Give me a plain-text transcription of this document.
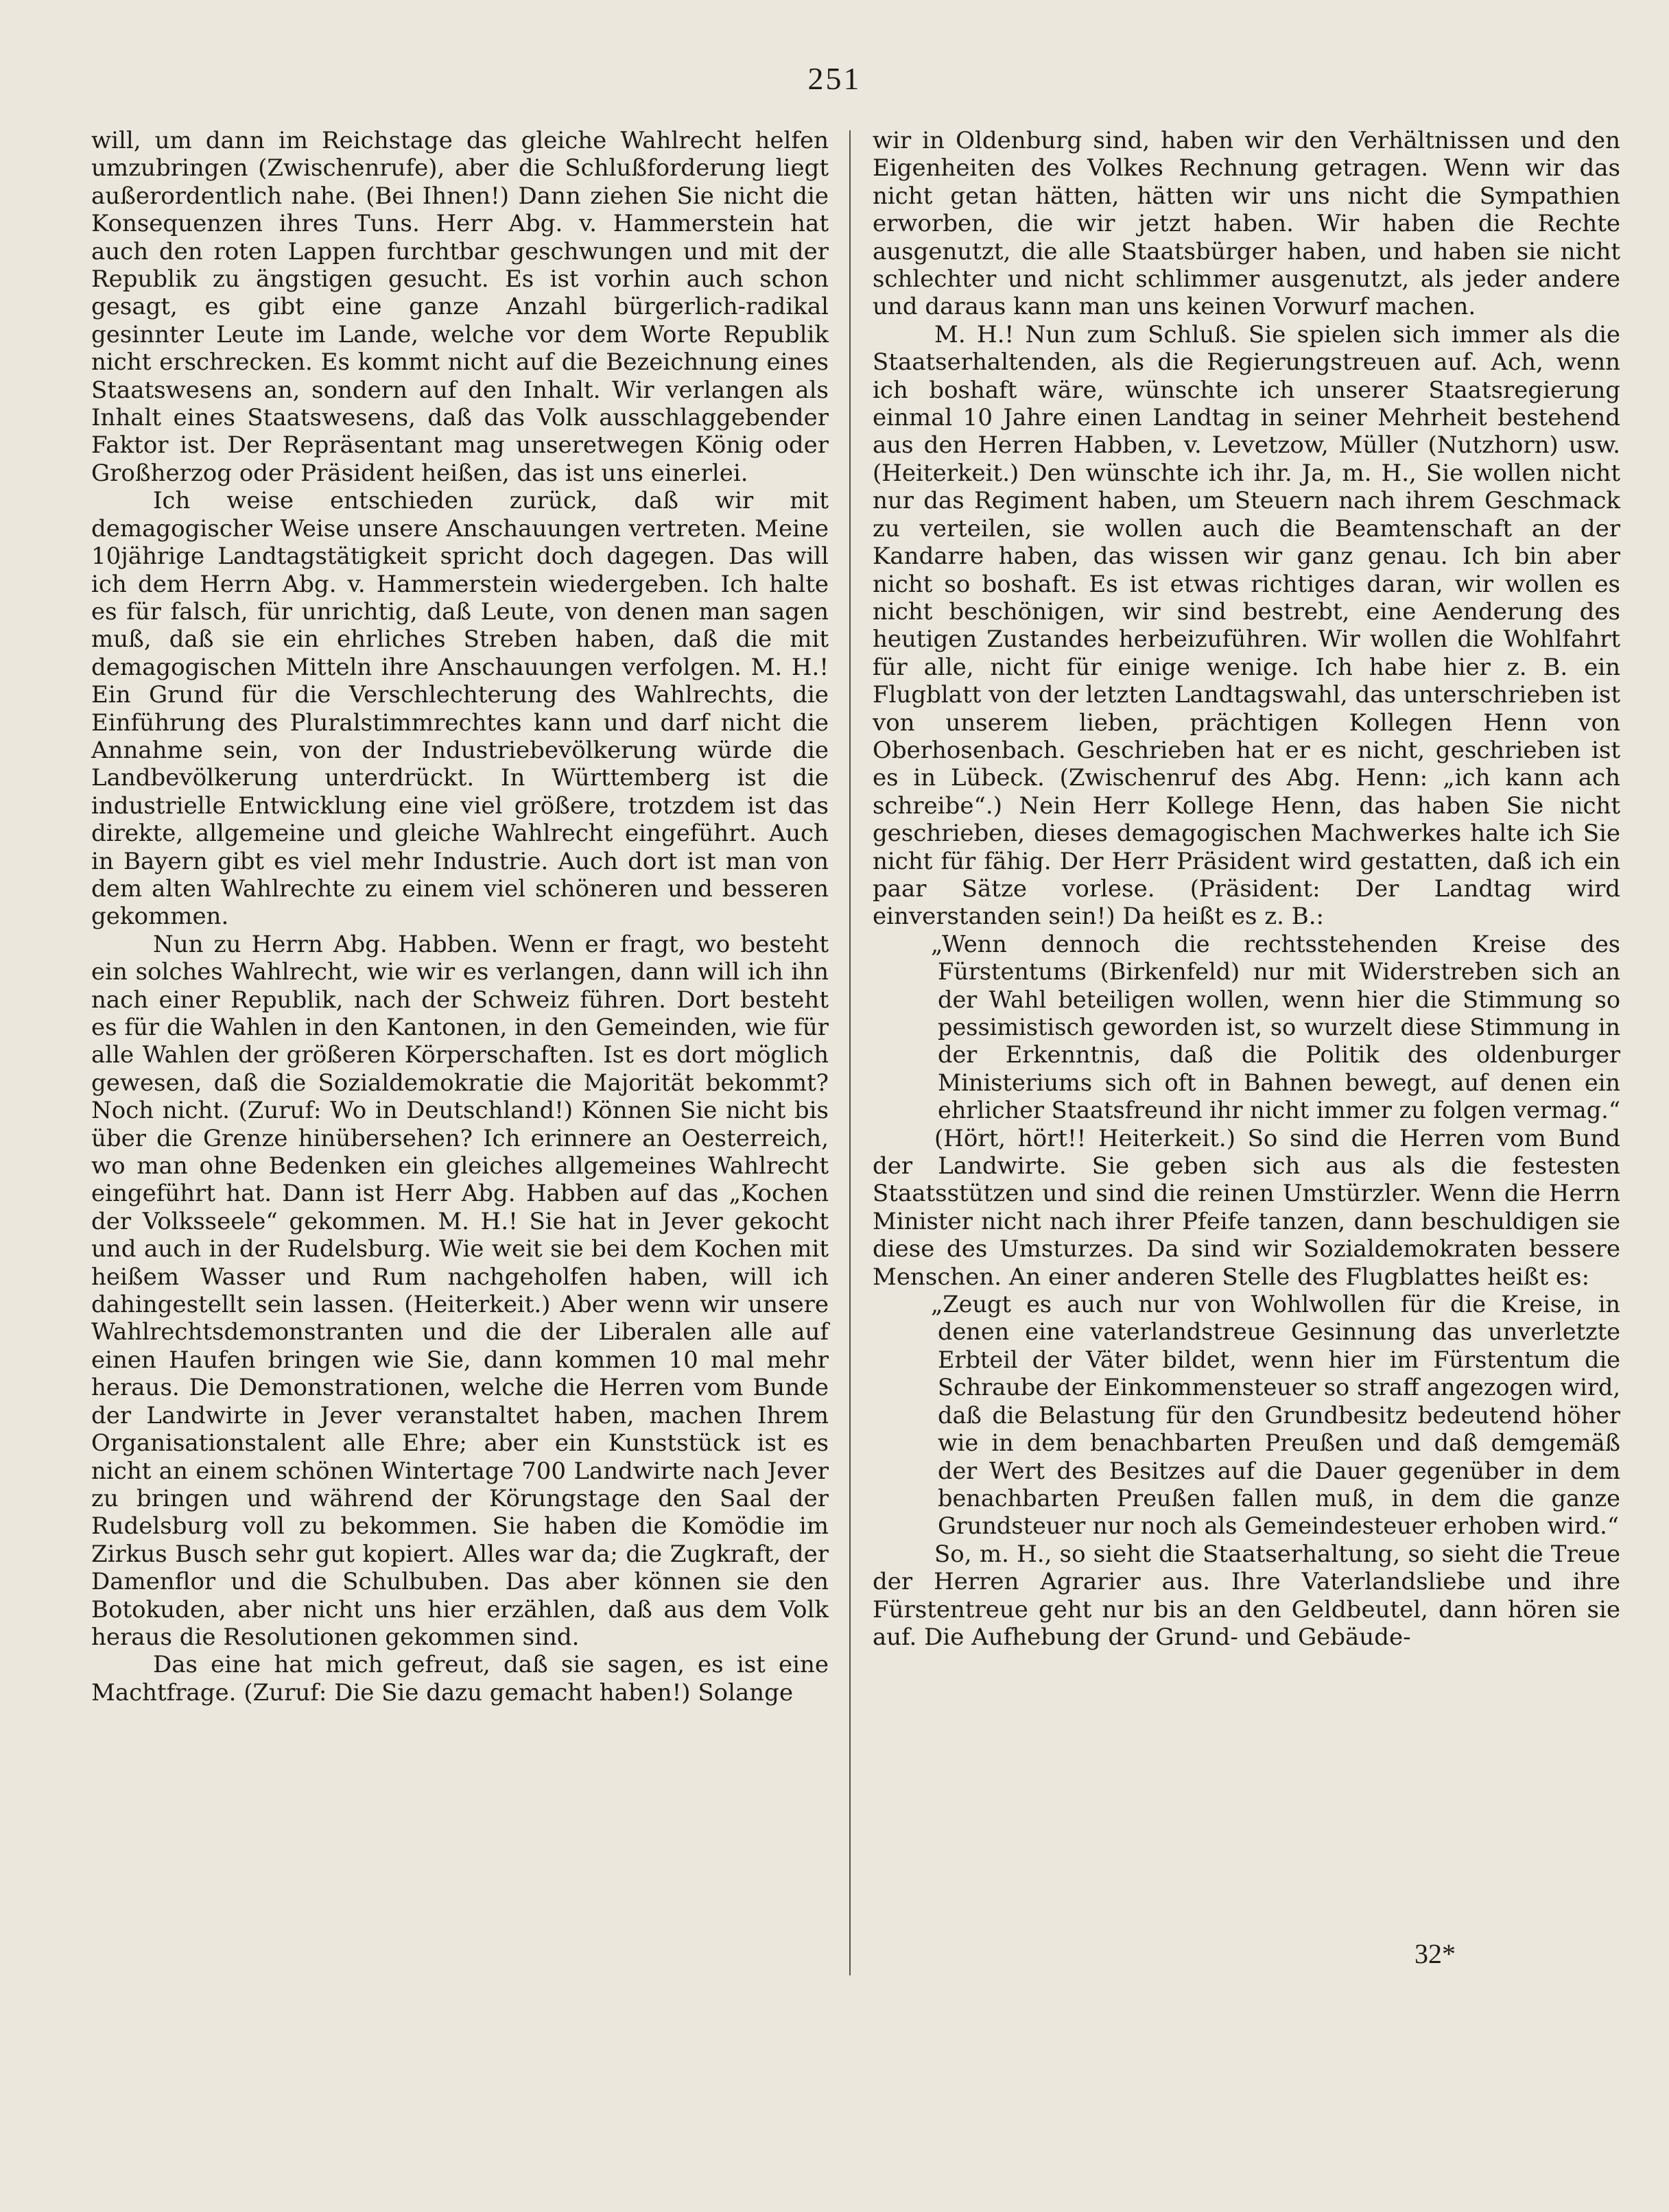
251

will, um dann im Reichstage das gleiche Wahlrecht helfen umzubringen (Zwischenrufe), aber die Schlußforderung liegt außerordentlich nahe. (Bei Ihnen!) Dann ziehen Sie nicht die Konsequenzen ihres Tuns. Herr Abg. v. Hammerstein hat auch den roten Lappen furchtbar geschwungen und mit der Republik zu ängstigen gesucht. Es ist vorhin auch schon gesagt, es gibt eine ganze Anzahl bürgerlich-radikal gesinnter Leute im Lande, welche vor dem Worte Republik nicht erschrecken. Es kommt nicht auf die Bezeichnung eines Staatswesens an, sondern auf den Inhalt. Wir verlangen als Inhalt eines Staatswesens, daß das Volk ausschlaggebender Faktor ist. Der Repräsentant mag unseretwegen König oder Großherzog oder Präsident heißen, das ist uns einerlei.

Ich weise entschieden zurück, daß wir mit demagogischer Weise unsere Anschauungen vertreten. Meine 10jährige Landtagstätigkeit spricht doch dagegen. Das will ich dem Herrn Abg. v. Hammerstein wiedergeben. Ich halte es für falsch, für unrichtig, daß Leute, von denen man sagen muß, daß sie ein ehrliches Streben haben, daß die mit demagogischen Mitteln ihre Anschauungen verfolgen. M. H.! Ein Grund für die Verschlechterung des Wahlrechts, die Einführung des Pluralstimmrechtes kann und darf nicht die Annahme sein, von der Industriebevölkerung würde die Landbevölkerung unterdrückt. In Württemberg ist die industrielle Entwicklung eine viel größere, trotzdem ist das direkte, allgemeine und gleiche Wahlrecht eingeführt. Auch in Bayern gibt es viel mehr Industrie. Auch dort ist man von dem alten Wahlrechte zu einem viel schöneren und besseren gekommen.

Nun zu Herrn Abg. Habben. Wenn er fragt, wo besteht ein solches Wahlrecht, wie wir es verlangen, dann will ich ihn nach einer Republik, nach der Schweiz führen. Dort besteht es für die Wahlen in den Kantonen, in den Gemeinden, wie für alle Wahlen der größeren Körperschaften. Ist es dort möglich gewesen, daß die Sozialdemokratie die Majorität bekommt? Noch nicht. (Zuruf: Wo in Deutschland!) Können Sie nicht bis über die Grenze hinübersehen? Ich erinnere an Oesterreich, wo man ohne Bedenken ein gleiches allgemeines Wahlrecht eingeführt hat. Dann ist Herr Abg. Habben auf das „Kochen der Volksseele“ gekommen. M. H.! Sie hat in Jever gekocht und auch in der Rudelsburg. Wie weit sie bei dem Kochen mit heißem Wasser und Rum nachgeholfen haben, will ich dahingestellt sein lassen. (Heiterkeit.) Aber wenn wir unsere Wahlrechtsdemonstranten und die der Liberalen alle auf einen Haufen bringen wie Sie, dann kommen 10 mal mehr heraus. Die Demonstrationen, welche die Herren vom Bunde der Landwirte in Jever veranstaltet haben, machen Ihrem Organisationstalent alle Ehre; aber ein Kunststück ist es nicht an einem schönen Wintertage 700 Landwirte nach Jever zu bringen und während der Körungstage den Saal der Rudelsburg voll zu bekommen. Sie haben die Komödie im Zirkus Busch sehr gut kopiert. Alles war da; die Zugkraft, der Damenflor und die Schulbuben. Das aber können sie den Botokuden, aber nicht uns hier erzählen, daß aus dem Volk heraus die Resolutionen gekommen sind.

Das eine hat mich gefreut, daß sie sagen, es ist eine Machtfrage. (Zuruf: Die Sie dazu gemacht haben!) Solange

wir in Oldenburg sind, haben wir den Verhältnissen und den Eigenheiten des Volkes Rechnung getragen. Wenn wir das nicht getan hätten, hätten wir uns nicht die Sympathien erworben, die wir jetzt haben. Wir haben die Rechte ausgenutzt, die alle Staatsbürger haben, und haben sie nicht schlechter und nicht schlimmer ausgenutzt, als jeder andere und daraus kann man uns keinen Vorwurf machen.

M. H.! Nun zum Schluß. Sie spielen sich immer als die Staatserhaltenden, als die Regierungstreuen auf. Ach, wenn ich boshaft wäre, wünschte ich unserer Staatsregierung einmal 10 Jahre einen Landtag in seiner Mehrheit bestehend aus den Herren Habben, v. Levetzow, Müller (Nutzhorn) usw. (Heiterkeit.) Den wünschte ich ihr. Ja, m. H., Sie wollen nicht nur das Regiment haben, um Steuern nach ihrem Geschmack zu verteilen, sie wollen auch die Beamtenschaft an der Kandarre haben, das wissen wir ganz genau. Ich bin aber nicht so boshaft. Es ist etwas richtiges daran, wir wollen es nicht beschönigen, wir sind bestrebt, eine Aenderung des heutigen Zustandes herbeizuführen. Wir wollen die Wohlfahrt für alle, nicht für einige wenige. Ich habe hier z. B. ein Flugblatt von der letzten Landtagswahl, das unterschrieben ist von unserem lieben, prächtigen Kollegen Henn von Oberhosenbach. Geschrieben hat er es nicht, geschrieben ist es in Lübeck. (Zwischenruf des Abg. Henn: „ich kann ach schreibe“.) Nein Herr Kollege Henn, das haben Sie nicht geschrieben, dieses demagogischen Machwerkes halte ich Sie nicht für fähig. Der Herr Präsident wird gestatten, daß ich ein paar Sätze vorlese. (Präsident: Der Landtag wird einverstanden sein!) Da heißt es z. B.:

„Wenn dennoch die rechtsstehenden Kreise des Fürstentums (Birkenfeld) nur mit Widerstreben sich an der Wahl beteiligen wollen, wenn hier die Stimmung so pessimistisch geworden ist, so wurzelt diese Stimmung in der Erkenntnis, daß die Politik des oldenburger Ministeriums sich oft in Bahnen bewegt, auf denen ein ehrlicher Staatsfreund ihr nicht immer zu folgen vermag.“

(Hört, hört!! Heiterkeit.) So sind die Herren vom Bund der Landwirte. Sie geben sich aus als die festesten Staatsstützen und sind die reinen Umstürzler. Wenn die Herrn Minister nicht nach ihrer Pfeife tanzen, dann beschuldigen sie diese des Umsturzes. Da sind wir Sozialdemokraten bessere Menschen. An einer anderen Stelle des Flugblattes heißt es:

„Zeugt es auch nur von Wohlwollen für die Kreise, in denen eine vaterlandstreue Gesinnung das unverletzte Erbteil der Väter bildet, wenn hier im Fürstentum die Schraube der Einkommensteuer so straff angezogen wird, daß die Belastung für den Grundbesitz bedeutend höher wie in dem benachbarten Preußen und daß demgemäß der Wert des Besitzes auf die Dauer gegenüber in dem benachbarten Preußen fallen muß, in dem die ganze Grundsteuer nur noch als Gemeindesteuer erhoben wird.“

So, m. H., so sieht die Staatserhaltung, so sieht die Treue der Herren Agrarier aus. Ihre Vaterlandsliebe und ihre Fürstentreue geht nur bis an den Geldbeutel, dann hören sie auf. Die Aufhebung der Grund- und Gebäude-

32*
